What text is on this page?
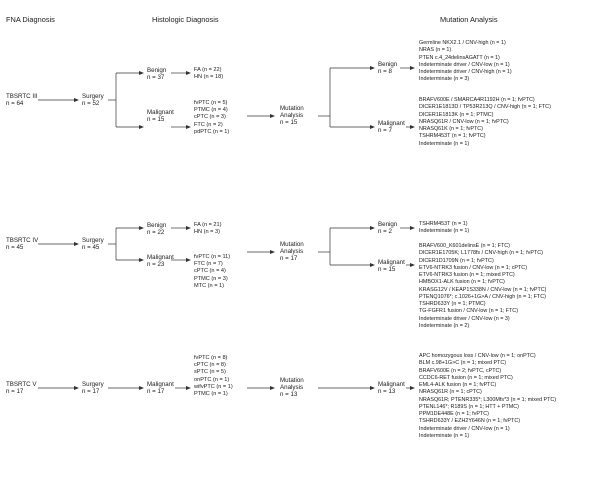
FNA Diagnosis	Histologic Diagnosis	Mutation Analysis
TBSRTC III
n = 64
Surgery
n = 52
Benign
n = 37
FA (n = 22)
HN (n = 18)
Malignant
n = 15
fvPTC (n = 5)
PTMC (n = 4)
cPTC (n = 3)
FTC (n = 2)
pdPTC (n = 1)
Mutation
Analysis
n = 15
Benign
n = 8
Germline NKX2.1 / CNV-high (n = 1)
NRAS (n = 1)
PTEN c.4_24delinsAGATT (n = 1)
Indeterminate driver / CNV-low (n = 1)
Indeterminate driver / CNV-high (n = 1)
Indeterminate (n = 3)
Malignant
n = 7
BRAFV600E / SMARCA4R1192H (n = 1; fvPTC)
DICER1E1813D / TP53R213Q / CNV-high (n = 1; FTC)
DICER1E1813K (n = 1; PTMC)
NRASQ61R / CNV-low (n = 1; fvPTC)
NRASQ61K (n = 1; fvPTC)
TSHRM453T (n = 1; fvPTC)
Indeterminate (n = 1)
TBSRTC IV
n = 45
Surgery
n = 45
Benign
n = 22
FA (n = 21)
HN (n = 3)
Malignant
n = 23
fvPTC (n = 11)
FTC (n = 7)
cPTC (n = 4)
PTMC (n = 3)
MTC (n = 1)
Mutation
Analysis
n = 17
Benign
n = 2
TSHRM453T (n = 1)
Indeterminate (n = 1)
Malignant
n = 15
BRAFV600_K601delinsE (n = 1; FTC)
DICER1E1705K; L1778fs / CNV-high (n = 1; fvPTC)
DICER1D1709N (n = 1; fvPTC)
ETV6-NTRK3 fusion / CNV-low (n = 1; cPTC)
ETV6-NTRK3 fusion (n = 1; mixed PTC)
HMBOX1-ALK fusion (n = 1; fvPTC)
KRASG12V / KEAP1S338N / CNV-low (n = 1; fvPTC)
PTENQ1076*; c.1026+1G>A / CNV-high (n = 1; FTC)
TSHRD633Y (n = 1; PTMC)
TG-FGFR1 fusion / CNV-low (n = 1; FTC)
Indeterminate driver / CNV-low (n = 3)
Indeterminate (n = 2)
TBSRTC V
n = 17
Surgery
n = 17
Malignant
n = 17
fvPTC (n = 8)
cPTC (n = 8)
sPTC (n = 5)
onPTC (n = 1)
wifvPTC (n = 1)
PTMC (n = 1)
Mutation
Analysis
n = 13
Malignant
n = 13
APC homozygous loss / CNV-low (n = 1; onPTC)
BLM c.98+1G>C (n = 1; mixed PTC)
BRAFV600E (n = 2; fvPTC, cPTC)
CCDC6-RET fusion (n = 1; mixed PTC)
EML4-ALK fusion (n = 1; fvPTC)
NRASQ61R (n = 1; cPTC)
NRASQ61R; PTENR335*; L300Mfs*3 (n = 1; mixed PTC)
PTENL146*; R189S (n = 1; HTT + PTMC)
PPM1DE448E (n = 1; fvPTC)
TSHRD633Y / EZH2Y646N (n = 1; fvPTC)
Indeterminate driver / CNV-low (n = 1)
Indeterminate (n = 1)
